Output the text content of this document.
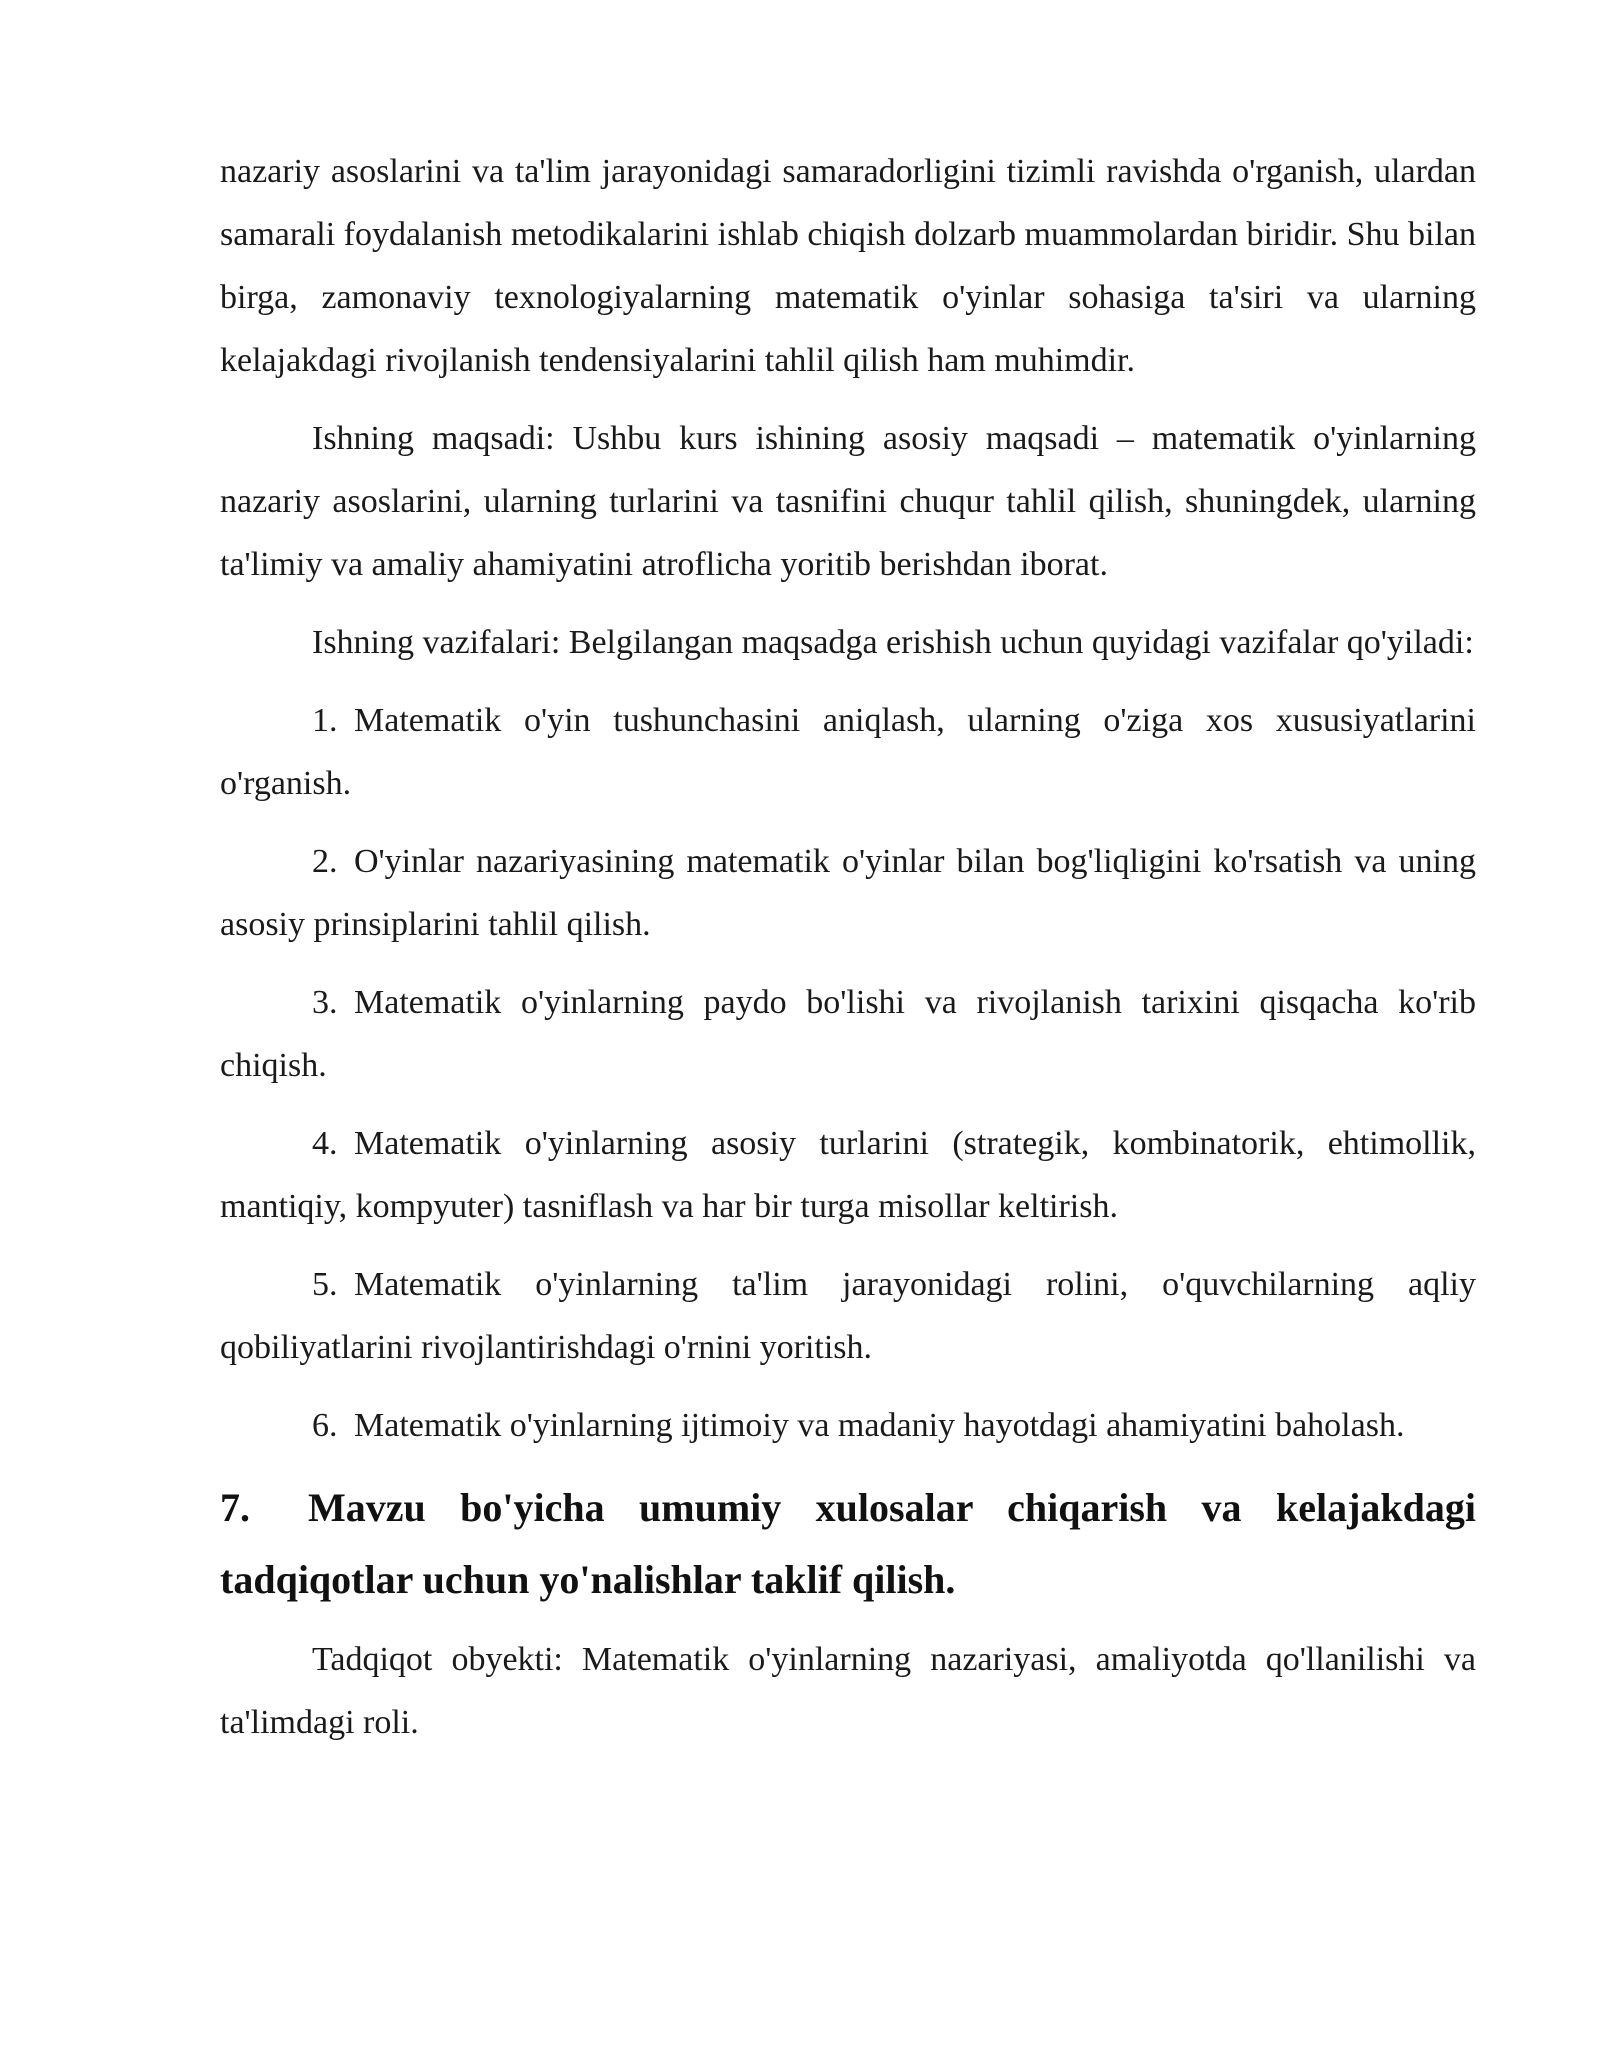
nazariy asoslarini va ta'lim jarayonidagi samaradorligini tizimli ravishda o'rganish, ulardan samarali foydalanish metodikalarini ishlab chiqish dolzarb muammolardan biridir. Shu bilan birga, zamonaviy texnologiyalarning matematik o'yinlar sohasiga ta'siri va ularning kelajakdagi rivojlanish tendensiyalarini tahlil qilish ham muhimdir.

Ishning maqsadi: Ushbu kurs ishining asosiy maqsadi – matematik o'yinlarning nazariy asoslarini, ularning turlarini va tasnifini chuqur tahlil qilish, shuningdek, ularning ta'limiy va amaliy ahamiyatini atroflicha yoritib berishdan iborat.

Ishning vazifalari: Belgilangan maqsadga erishish uchun quyidagi vazifalar qo'yiladi:

1. Matematik o'yin tushunchasini aniqlash, ularning o'ziga xos xususiyatlarini o'rganish.

2. O'yinlar nazariyasining matematik o'yinlar bilan bog'liqligini ko'rsatish va uning asosiy prinsiplarini tahlil qilish.

3. Matematik o'yinlarning paydo bo'lishi va rivojlanish tarixini qisqacha ko'rib chiqish.

4. Matematik o'yinlarning asosiy turlarini (strategik, kombinatorik, ehtimollik, mantiqiy, kompyuter) tasniflash va har bir turga misollar keltirish.

5. Matematik o'yinlarning ta'lim jarayonidagi rolini, o'quvchilarning aqliy qobiliyatlarini rivojlantirishdagi o'rnini yoritish.

6. Matematik o'yinlarning ijtimoiy va madaniy hayotdagi ahamiyatini baholash.

7. Mavzu bo'yicha umumiy xulosalar chiqarish va kelajakdagi tadqiqotlar uchun yo'nalishlar taklif qilish.

Tadqiqot obyekti: Matematik o'yinlarning nazariyasi, amaliyotda qo'llanilishi va ta'limdagi roli.
